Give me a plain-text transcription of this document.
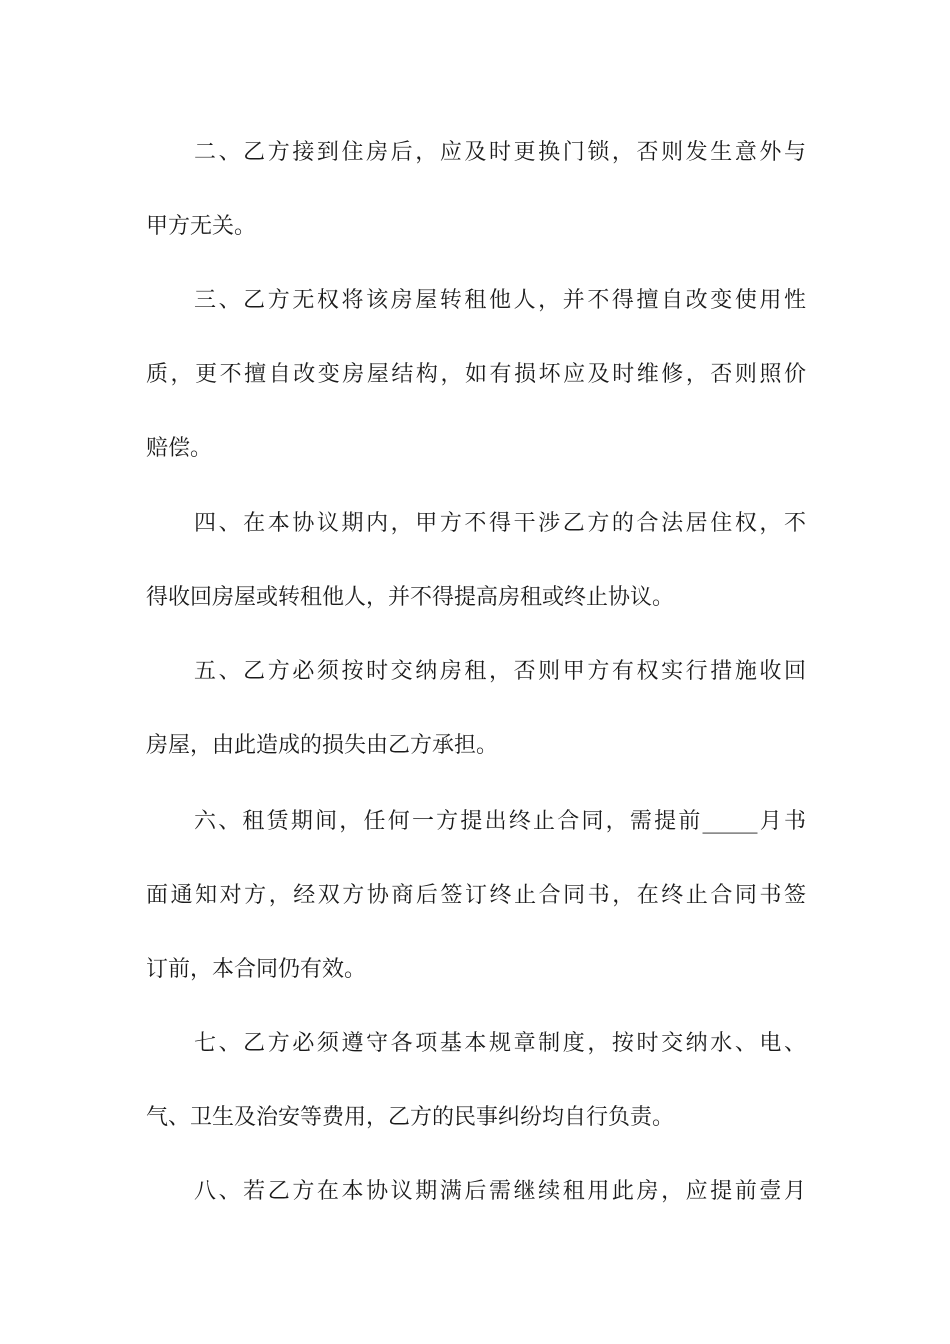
二、乙方接到住房后，应及时更换门锁，否则发生意外与
甲方无关。
三、乙方无权将该房屋转租他人，并不得擅自改变使用性
质，更不擅自改变房屋结构，如有损坏应及时维修，否则照价
赔偿。
四、在本协议期内，甲方不得干涉乙方的合法居住权，不
得收回房屋或转租他人，并不得提高房租或终止协议。
五、乙方必须按时交纳房租，否则甲方有权实行措施收回
房屋，由此造成的损失由乙方承担。
六、租赁期间，任何一方提出终止合同，需提前_____月书
面通知对方，经双方协商后签订终止合同书，在终止合同书签
订前，本合同仍有效。
七、乙方必须遵守各项基本规章制度，按时交纳水、电、
气、卫生及治安等费用，乙方的民事纠纷均自行负责。
八、若乙方在本协议期满后需继续租用此房，应提前壹月
